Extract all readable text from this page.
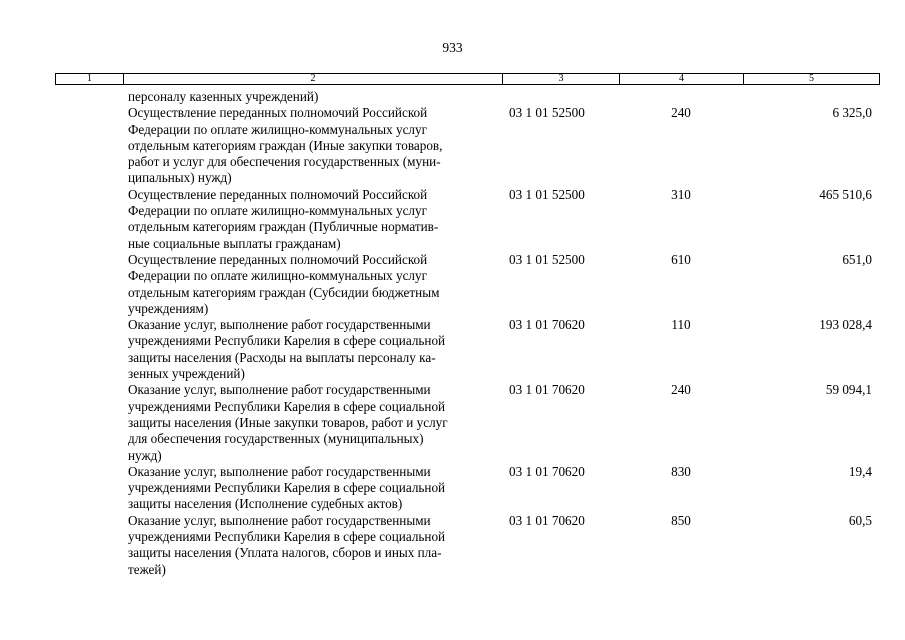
933
1	2	3	4	5
персоналу казенных учреждений)
Осуществление переданных полномочий Российской
Федерации по оплате жилищно-коммунальных услуг
отдельным категориям граждан (Иные закупки товаров,
работ и услуг для обеспечения государственных (муни-
ципальных) нужд)
03 1 01 52500	240	6 325,0
Осуществление переданных полномочий Российской
Федерации по оплате жилищно-коммунальных услуг
отдельным категориям граждан (Публичные норматив-
ные социальные выплаты гражданам)
03 1 01 52500	310	465 510,6
Осуществление переданных полномочий Российской
Федерации по оплате жилищно-коммунальных услуг
отдельным категориям граждан (Субсидии бюджетным
учреждениям)
03 1 01 52500	610	651,0
Оказание услуг, выполнение работ государственными
учреждениями Республики Карелия в сфере социальной
защиты населения (Расходы на выплаты персоналу ка-
зенных учреждений)
03 1 01 70620	110	193 028,4
Оказание услуг, выполнение работ государственными
учреждениями Республики Карелия в сфере социальной
защиты населения (Иные закупки товаров, работ и услуг
для обеспечения государственных (муниципальных)
нужд)
03 1 01 70620	240	59 094,1
Оказание услуг, выполнение работ государственными
учреждениями Республики Карелия в сфере социальной
защиты населения (Исполнение судебных актов)
03 1 01 70620	830	19,4
Оказание услуг, выполнение работ государственными
учреждениями Республики Карелия в сфере социальной
защиты населения (Уплата налогов, сборов и иных пла-
тежей)
03 1 01 70620	850	60,5
